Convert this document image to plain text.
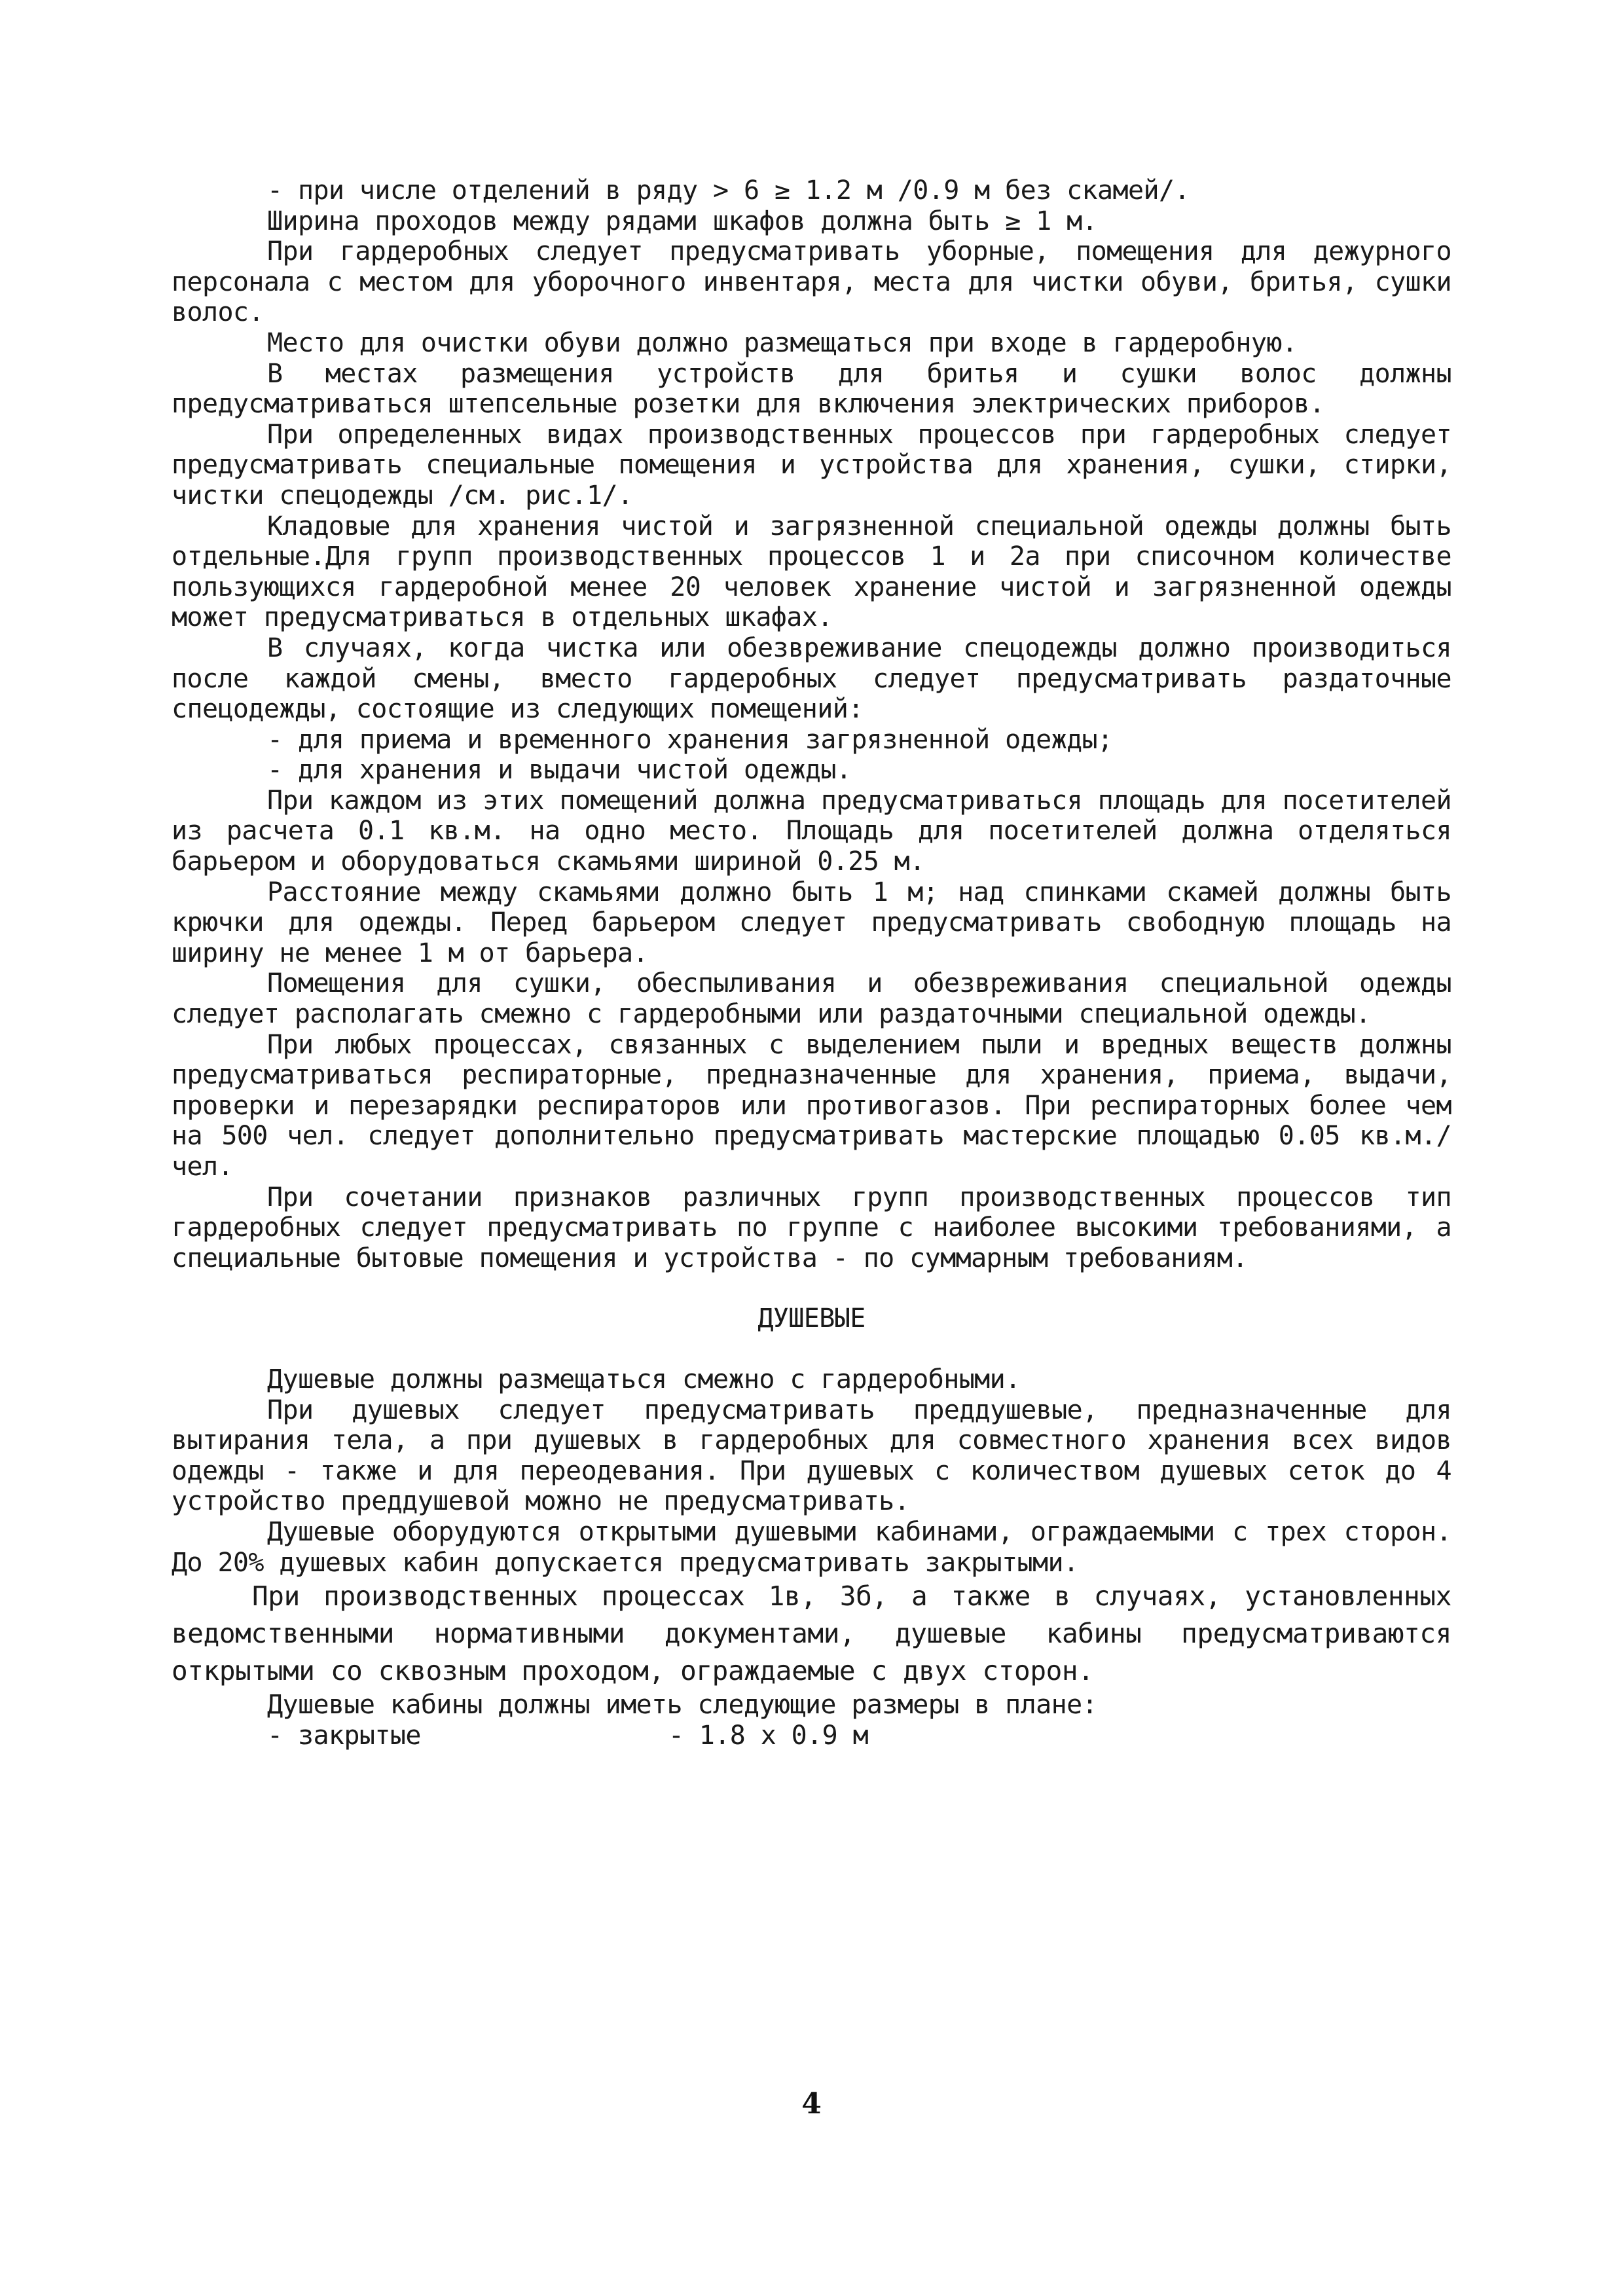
- при числе отделений в ряду > 6 ≥ 1.2 м /0.9 м без скамей/.

Ширина проходов между рядами шкафов должна быть ≥ 1 м.

При гардеробных следует предусматривать уборные, помещения для дежурного персонала с местом для уборочного инвентаря, места для чистки обуви, бритья, сушки волос.

Место для очистки обуви должно размещаться при входе в гардеробную.

В местах размещения устройств для бритья и сушки волос должны предусматриваться штепсельные розетки для включения электрических приборов.

При определенных видах производственных процессов при гардеробных следует предусматривать специальные помещения и устройства для хранения, сушки, стирки, чистки спецодежды /см. рис.1/.

Кладовые для хранения чистой и загрязненной специальной одежды должны быть отдельные.Для групп производственных процессов 1 и 2а при списочном количестве пользующихся гардеробной менее 20 человек хранение чистой и загрязненной одежды может предусматриваться в отдельных шкафах.

В случаях, когда чистка или обезвреживание спецодежды должно производиться после каждой смены, вместо гардеробных следует предусматривать раздаточные спецодежды, состоящие из следующих помещений:

- для приема и временного хранения загрязненной одежды;

- для хранения и выдачи чистой одежды.

При каждом из этих помещений должна предусматриваться площадь для посетителей из расчета 0.1 кв.м. на одно место. Площадь для посетителей должна отделяться барьером и оборудоваться скамьями шириной 0.25 м.

Расстояние между скамьями должно быть 1 м; над спинками скамей должны быть крючки для одежды. Перед барьером следует предусматривать свободную площадь на ширину не менее 1 м от барьера.

Помещения для сушки, обеспыливания и обезвреживания специальной одежды следует располагать смежно с гардеробными или раздаточными специальной одежды.

При любых процессах, связанных с выделением пыли и вредных веществ должны предусматриваться респираторные, предназначенные для хранения, приема, выдачи, проверки и перезарядки респираторов или противогазов. При респираторных более чем на 500 чел. следует дополнительно предусматривать мастерские площадью 0.05 кв.м./чел.

При сочетании признаков различных групп производственных процессов тип гардеробных следует предусматривать по группе с наиболее высокими требованиями, а специальные бытовые помещения и устройства - по суммарным требованиям.

ДУШЕВЫЕ

Душевые должны размещаться смежно с гардеробными.

При душевых следует предусматривать преддушевые, предназначенные для вытирания тела, а при душевых в гардеробных для совместного хранения всех видов одежды - также и для переодевания. При душевых с количеством душевых сеток до 4 устройство преддушевой можно не предусматривать.

Душевые оборудуются открытыми душевыми кабинами, ограждаемыми с трех сторон. До 20% душевых кабин допускается предусматривать закрытыми.

При производственных процессах 1в, 3б, а также в случаях, установленных ведомственными нормативными документами, душевые кабины предусматриваются открытыми со сквозным проходом, ограждаемые с двух сторон.

Душевые кабины должны иметь следующие размеры в плане:

- закрытые	- 1.8 х 0.9 м
4
